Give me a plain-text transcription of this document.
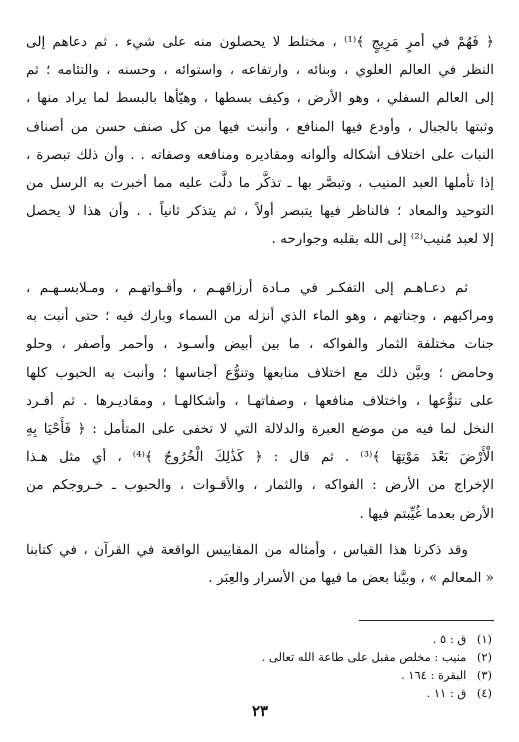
﴿ فَهُمْ في أمرٍ مَرِيجٍ ﴾⁽¹⁾ ، مختلط لا يحصلون منه على شيء . ثم دعاهم إلى
النظر في العالم العلوي ، وبنائه ، وارتفاعه ، واستوائه ، وحسنه ، والتئامه ؛ ثم
إلى العالم السفلي ، وهو الأرض ، وكيف بسطها ، وهيّأها بالبسط لما يراد منها ،
وثبتها بالجبال ، وأودع فيها المنافع ، وأنبت فيها من كل صنف حسن من أصناف
النبات على اختلاف أشكاله وألوانه ومقاديره ومنافعه وصفاته . . وأن ذلك تبصرة ،
إذا تأملها العبد المنيب ، وتبصَّر بها ـ تذكَّر ما دلَّت عليه مما أخبرت به الرسل من
التوحيد والمعاد ؛ فالناظر فيها يتبصر أولاً ، ثم يتذكر ثانياً . . وأن هذا لا يحصل
إلا لعبد مُنيب⁽²⁾ إلى الله بقلبه وجوارحه .
ثم دعـاهـم إلى التفكـر في مـادة أرزاقهـم ، وأقـواتهـم ، ومـلابسـهـم ،
ومراكبهم ، وجناتهم ، وهو الماء الذي أنزله من السماء وبارك فيه ؛ حتى أنبت به
جنات مختلفة الثمار والفواكه ، ما بين أبيض وأسـود ، وأحمر وأصفر ، وحلو
وحامض ؛ وبيَّن ذلك مع اختلاف منابعها وتنوُّع أجناسها ؛ وأنبت به الحبوب كلها
على تنوُّعها ، واختلاف منافعها ، وصفاتهـا ، وأشكالهـا ، ومقاديـرها . ثم أفـرد
النخل لما فيه من موضع العبرة والدلالة التي لا تخفى على المتأمل : ﴿ فَأَحْيَا بِهِ
الْأَرْضَ بَعْدَ مَوْتِهَا ﴾⁽³⁾ . ثم قال : ﴿ كَذَٰلِكَ الْخُرُوجُ ﴾⁽⁴⁾ ، أي مثل هـذا
الإخراج من الأرض : الفواكه ، والثمار ، والأقـوات ، والحبوب ـ خـروجكم من
الأرض بعدما غُيِّبتم فيها .
وقد ذكرنا هذا القياس ، وأمثاله من المقاييس الواقعة في القرآن ، في كتابنا
« المعالم » ، وبيَّنا بعض ما فيها من الأسرار والعِبَر .
(١) ق : ٥ .
(٢) منيب : مخلص مقبل على طاعة الله تعالى .
(٣) البقرة : ١٦٤ .
(٤) ق : ١١ .
٢٣
